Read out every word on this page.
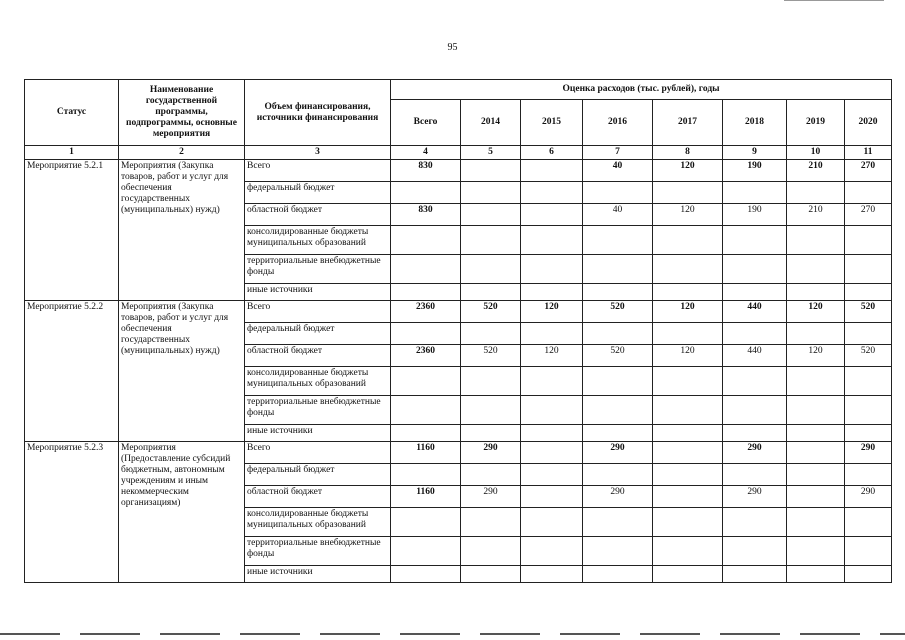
95
Статус	Наименование государственной программы, подпрограммы, основные мероприятия	Объем финансирования, источники финансирования	Оценка расходов (тыс. рублей), годы							
			Всего	2014	2015	2016	2017	2018	2019	2020
1	2	3	4	5	6	7	8	9	10	11
Мероприятие 5.2.1	Мероприятия (Закупка товаров, работ и услуг для обеспечения государственных (муниципальных) нужд)	Всего	830			40	120	190	210	270
		федеральный бюджет								
		областной бюджет	830			40	120	190	210	270
		консолидированные бюджеты муниципальных образований								
		территориальные внебюджетные фонды								
		иные источники								
Мероприятие 5.2.2	Мероприятия (Закупка товаров, работ и услуг для обеспечения государственных (муниципальных) нужд)	Всего	2360	520	120	520	120	440	120	520
		федеральный бюджет								
		областной бюджет	2360	520	120	520	120	440	120	520
		консолидированные бюджеты муниципальных образований								
		территориальные внебюджетные фонды								
		иные источники								
Мероприятие 5.2.3	Мероприятия (Предоставление субсидий бюджетным, автономным учреждениям и иным некоммерческим организациям)	Всего	1160	290		290		290		290
		федеральный бюджет								
		областной бюджет	1160	290		290		290		290
		консолидированные бюджеты муниципальных образований								
		территориальные внебюджетные фонды								
		иные источники								
